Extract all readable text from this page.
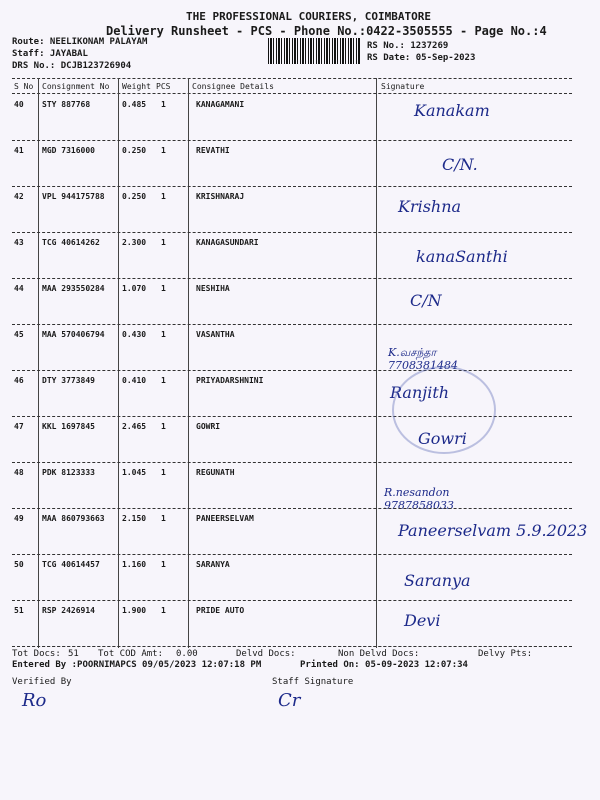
THE PROFESSIONAL COURIERS, COIMBATORE
Delivery Runsheet - PCS - Phone No.:0422-3505555 - Page No.:4
Route: NEELIKONAM PALAYAM
Staff: JAYABAL
DRS No.: DCJB123726904
RS No.: 1237269
RS Date: 05-Sep-2023
S No Consignment No Weight PCS	Consignee Details	Signature
40 STY 887768	0.485 1	KANAGAMANI	Kanakam
41 MGD 7316000	0.250 1	REVATHI
C/N.
42 VPL 944175788 0.250 1	KRISHNARAJ
Krishna
43 TCG 40614262	2.300 1	KANAGASUNDARI
kanaSanthi
44 MAA 293550284 1.070 1	NESHIHA
C/N
45 MAA 570406794 0.430 1	VASANTHA
K.வசந்தா
7708381484
46 DTY 3773849	0.410 1	PRIYADARSHNINI
Ranjith
47 KKL 1697845	2.465 1	GOWRI
Gowri
48 PDK 8123333	1.045 1	REGUNATH
R.nesandon
9787858033
49 MAA 860793663 2.150 1	PANEERSELVAM
Paneerselvam 5.9.2023
50 TCG 40614457	1.160 1	SARANYA
Saranya
51 RSP 2426914	1.900 1	PRIDE AUTO
Devi
Tot Docs: 51 Tot COD Amt: 0.00	Delvd Docs:	Non Delvd Docs:	Delvy Pts:
Entered By :POORNIMAPCS 09/05/2023 12:07:18 PM	Printed On: 05-09-2023 12:07:34
Verified By	Staff Signature
Ro	Cr
